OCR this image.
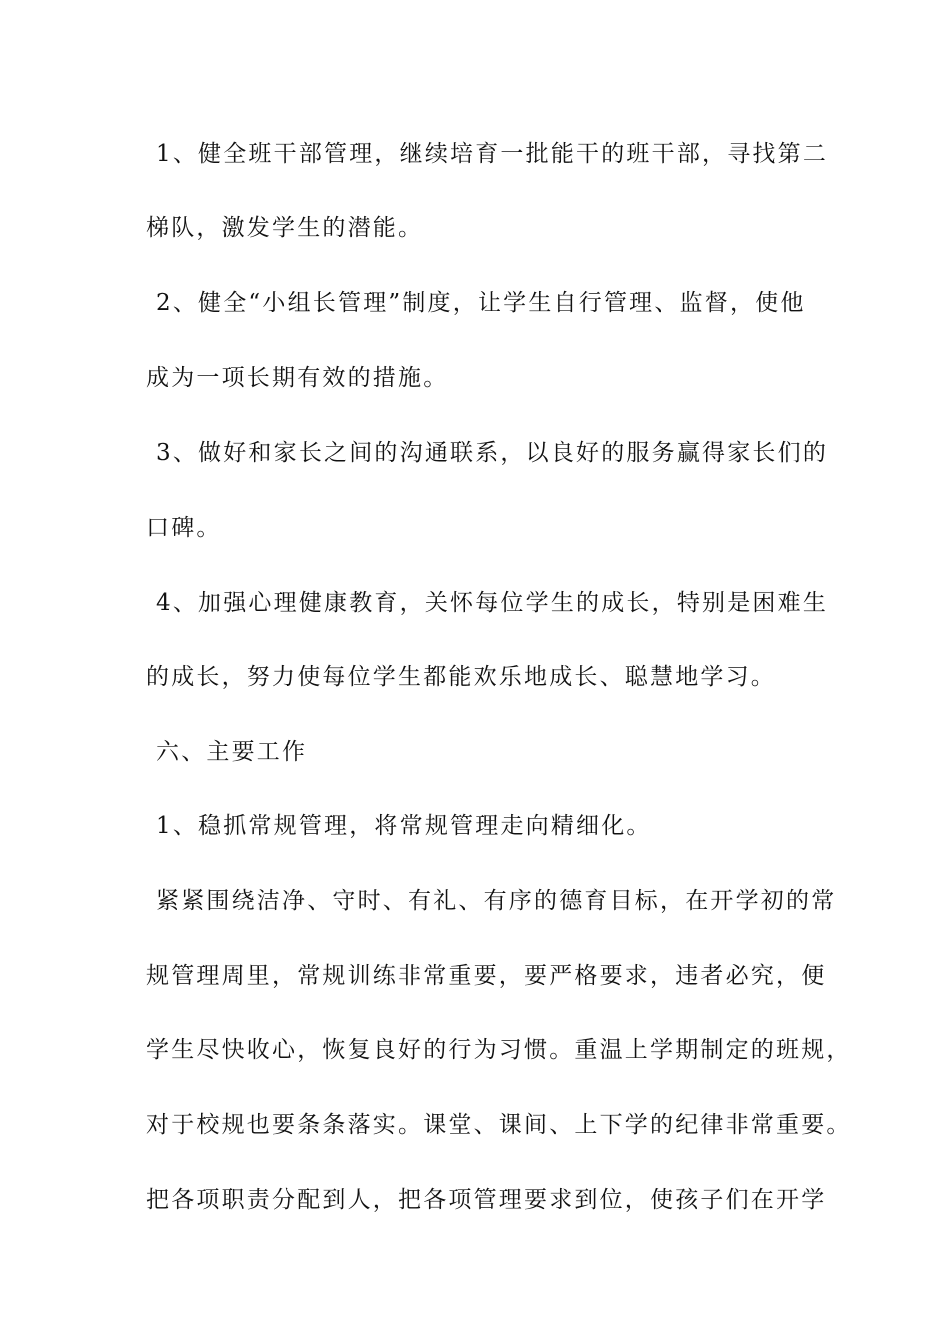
1、健全班干部管理，继续培育一批能干的班干部，寻找第二
梯队，激发学生的潜能。
2、健全“小组长管理”制度，让学生自行管理、监督，使他
成为一项长期有效的措施。
3、做好和家长之间的沟通联系，以良好的服务赢得家长们的
口碑。
4、加强心理健康教育，关怀每位学生的成长，特别是困难生
的成长，努力使每位学生都能欢乐地成长、聪慧地学习。
六、主要工作
1、稳抓常规管理，将常规管理走向精细化。
紧紧围绕洁净、守时、有礼、有序的德育目标，在开学初的常
规管理周里，常规训练非常重要，要严格要求，违者必究，便
学生尽快收心，恢复良好的行为习惯。重温上学期制定的班规，
对于校规也要条条落实。课堂、课间、上下学的纪律非常重要。
把各项职责分配到人，把各项管理要求到位，使孩子们在开学
